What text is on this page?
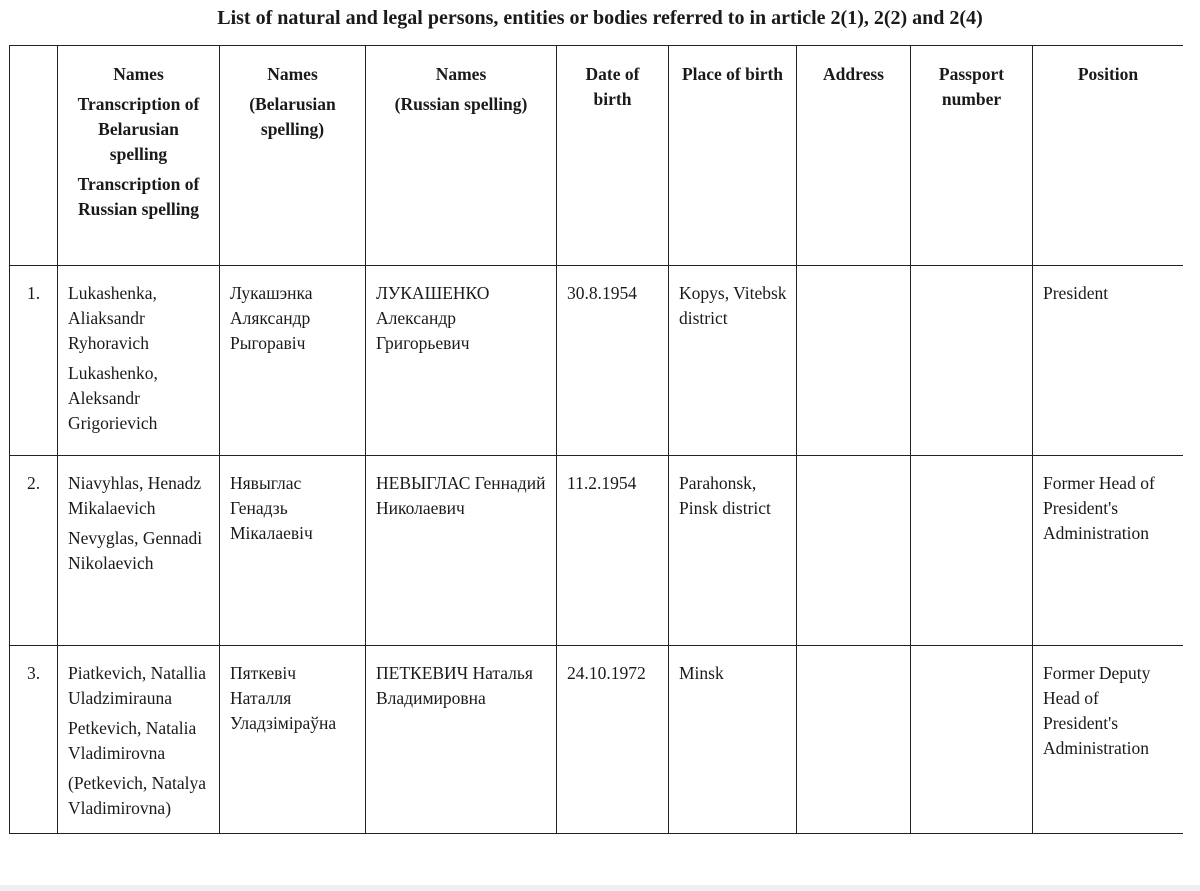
List of natural and legal persons, entities or bodies referred to in article 2(1), 2(2) and 2(4)

	Names
Transcription of Belarusian spelling
Transcription of Russian spelling	Names
(Belarusian spelling)	Names
(Russian spelling)	Date of birth	Place of birth	Address	Passport number	Position

1.	Lukashenka, Aliaksandr Ryhoravich
Lukashenko, Aleksandr Grigorievich	Лукашэнка Аляксандр Рыгоравіч	ЛУКАШЕНКО Александр Григорьевич	30.8.1954	Kopys, Vitebsk district			President
2.	Niavyhlas, Henadz Mikalaevich
Nevyglas, Gennadi Nikolaevich	Нявыглас Генадзь Мікалаевіч	НЕВЫГЛАС Геннадий Николаевич	11.2.1954	Parahonsk, Pinsk district			Former Head of President's Administration
3.	Piatkevich, Natallia Uladzimirauna
Petkevich, Natalia Vladimirovna
(Petkevich, Natalya Vladimirovna)	Пяткевіч Наталля Уладзіміраўна	ПЕТКЕВИЧ Наталья Владимировна	24.10.1972	Minsk			Former Deputy Head of President's Administration
